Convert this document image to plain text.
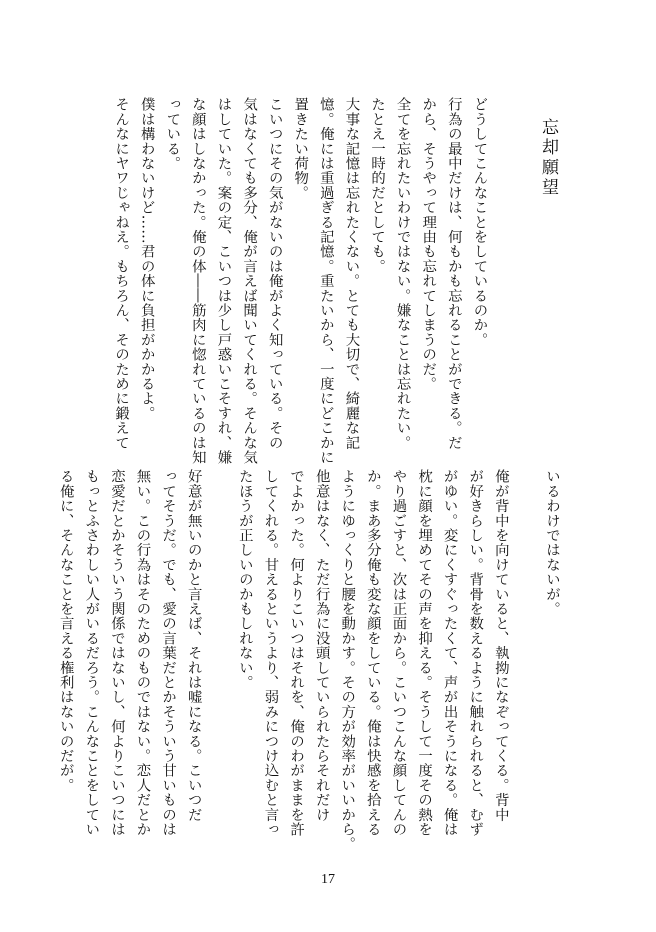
忘却願望
どうしてこんなことをしているのか。
行為の最中だけは、何もかも忘れることができる。だ
から、そうやって理由も忘れてしまうのだ。
全てを忘れたいわけではない。嫌なことは忘れたい。
たとえ一時的だとしても。
大事な記憶は忘れたくない。とても大切で、綺麗な記
憶。俺には重過ぎる記憶。重たいから、一度にどこかに
置きたい荷物。
こいつにその気がないのは俺がよく知っている。その
気はなくても多分、俺が言えば聞いてくれる。そんな気
はしていた。案の定、こいつは少し戸惑いこそすれ、嫌
な顔はしなかった。俺の体――筋肉に惚れているのは知
っている。
僕は構わないけど……君の体に負担がかかるよ。
そんなにヤワじゃねえ。もちろん、そのために鍛えて
いるわけではないが。
俺が背中を向けていると、執拗になぞってくる。背中
が好きらしい。背骨を数えるように触れられると、むず
がゆい。変にくすぐったくて、声が出そうになる。俺は
枕に顔を埋めてその声を抑える。そうして一度その熱を
やり過ごすと、次は正面から。こいつこんな顔してんの
か。まあ多分俺も変な顔をしている。俺は快感を拾える
ようにゆっくりと腰を動かす。その方が効率がいいから。
他意はなく、ただ行為に没頭していられたらそれだけ
でよかった。何よりこいつはそれを、俺のわがままを許
してくれる。甘えるというより、弱みにつけ込むと言っ
たほうが正しいのかもしれない。
好意が無いのかと言えば、それは嘘になる。こいつだ
ってそうだ。でも、愛の言葉だとかそういう甘いものは
無い。この行為はそのためのものではない。恋人だとか
恋愛だとかそういう関係ではないし、何よりこいつには
もっとふさわしい人がいるだろう。こんなことをしてい
る俺に、そんなことを言える権利はないのだが。
17
